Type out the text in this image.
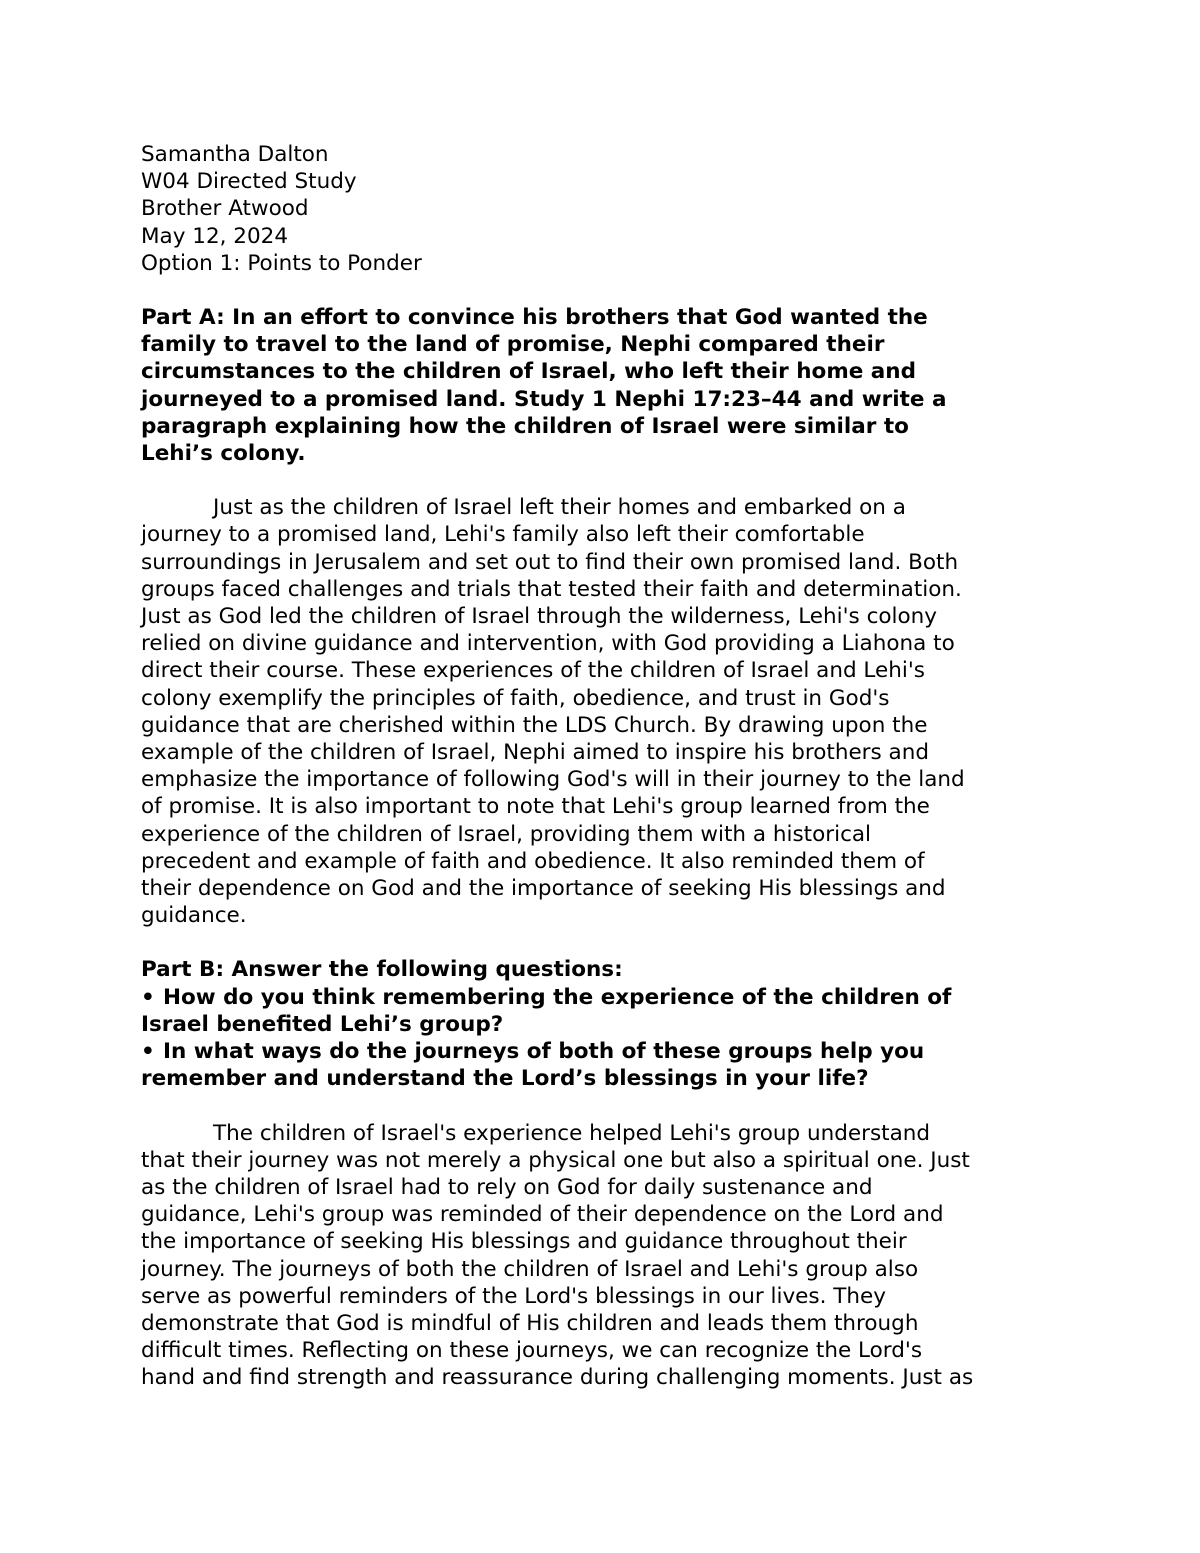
Samantha Dalton
W04 Directed Study
Brother Atwood
May 12, 2024
Option 1: Points to Ponder
Part A: In an effort to convince his brothers that God wanted the
family to travel to the land of promise, Nephi compared their
circumstances to the children of Israel, who left their home and
journeyed to a promised land. Study 1 Nephi 17:23–44 and write a
paragraph explaining how the children of Israel were similar to
Lehi’s colony.
Just as the children of Israel left their homes and embarked on a
journey to a promised land, Lehi's family also left their comfortable
surroundings in Jerusalem and set out to find their own promised land. Both
groups faced challenges and trials that tested their faith and determination.
Just as God led the children of Israel through the wilderness, Lehi's colony
relied on divine guidance and intervention, with God providing a Liahona to
direct their course. These experiences of the children of Israel and Lehi's
colony exemplify the principles of faith, obedience, and trust in God's
guidance that are cherished within the LDS Church. By drawing upon the
example of the children of Israel, Nephi aimed to inspire his brothers and
emphasize the importance of following God's will in their journey to the land
of promise. It is also important to note that Lehi's group learned from the
experience of the children of Israel, providing them with a historical
precedent and example of faith and obedience. It also reminded them of
their dependence on God and the importance of seeking His blessings and
guidance.
Part B: Answer the following questions:
• How do you think remembering the experience of the children of
Israel benefited Lehi’s group?
• In what ways do the journeys of both of these groups help you
remember and understand the Lord’s blessings in your life?
The children of Israel's experience helped Lehi's group understand
that their journey was not merely a physical one but also a spiritual one. Just
as the children of Israel had to rely on God for daily sustenance and
guidance, Lehi's group was reminded of their dependence on the Lord and
the importance of seeking His blessings and guidance throughout their
journey. The journeys of both the children of Israel and Lehi's group also
serve as powerful reminders of the Lord's blessings in our lives. They
demonstrate that God is mindful of His children and leads them through
difficult times. Reflecting on these journeys, we can recognize the Lord's
hand and find strength and reassurance during challenging moments. Just as
